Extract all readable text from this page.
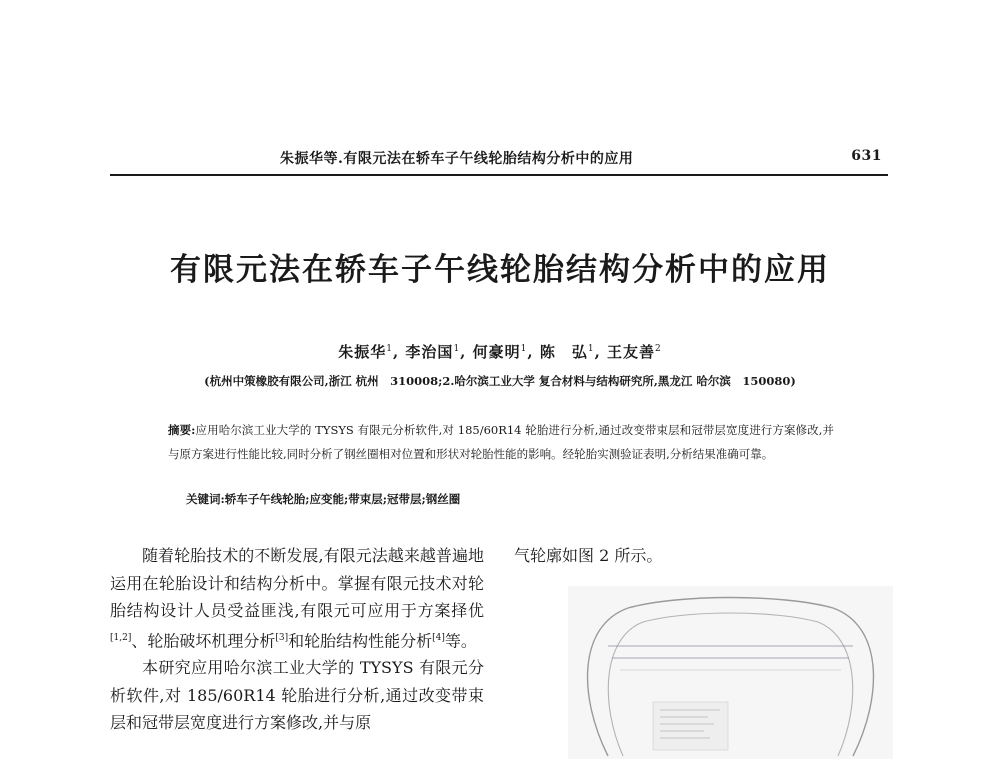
朱振华等.有限元法在轿车子午线轮胎结构分析中的应用	631
有限元法在轿车子午线轮胎结构分析中的应用
朱振华$^1$, 李治国$^1$, 何豪明$^1$, 陈　弘$^1$, 王友善$^2$
(杭州中策橡胶有限公司,浙江 杭州　310008;2.哈尔滨工业大学 复合材料与结构研究所,黑龙江 哈尔滨　150080)
摘要:应用哈尔滨工业大学的 TYSYS 有限元分析软件,对 185/60R14 轮胎进行分析,通过改变带束层和冠带层宽度进行方案修改,并与原方案进行性能比较,同时分析了钢丝圈相对位置和形状对轮胎性能的影响。经轮胎实测验证表明,分析结果准确可靠。
关键词:轿车子午线轮胎;应变能;带束层;冠带层;钢丝圈

随着轮胎技术的不断发展,有限元法越来越普遍地运用在轮胎设计和结构分析中。掌握有限元技术对轮胎结构设计人员受益匪浅,有限元可应用于方案择优[1,2]、轮胎破坏机理分析[3]和轮胎结构性能分析[4]等。

本研究应用哈尔滨工业大学的 TYSYS 有限元分析软件,对 185/60R14 轮胎进行分析,通过改变带束层和冠带层宽度进行方案修改,并与原

气轮廓如图 2 所示。
